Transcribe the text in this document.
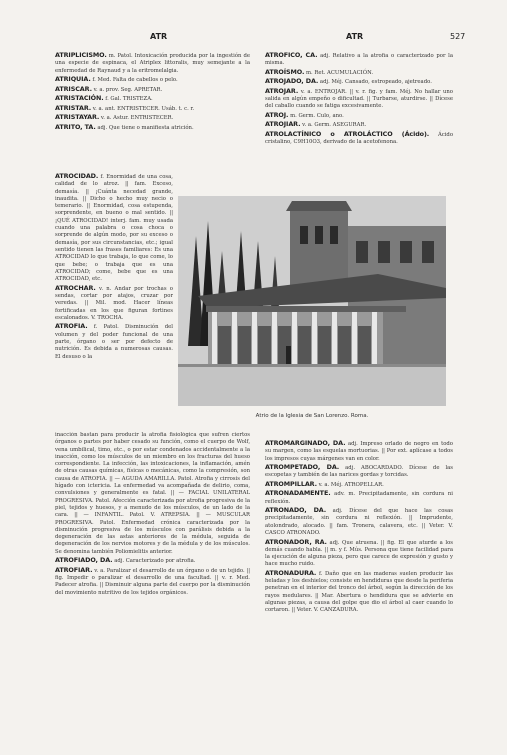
ATR	ATR	527
ATRIPLICISMO. m. Patol. Intoxicación producida por la ingestión de una especie de espinaca, el Atriplex littoralis, muy semejante a la enfermedad de Raynaud y a la eritromelalgia.
ATRIQUIA. f. Med. Falta de cabellos o pelo.
ATRISCAR. v. a. prov. Seg. APRETAR.
ATRISTACIÓN. f. Gal. TRISTEZA.
ATRISTAR. v. a. ant. ENTRISTECER. Usáb. t. c. r.
ATRISTAYAR. v. a. Astur. ENTRISTECER.
ATRITO, TA. adj. Que tiene o manifiesta atrición.
ATRÓFICO, CA. adj. Relativo a la atrofia o caracterizado por la misma.
ATROÍSMO. m. Ret. ACUMULACIÓN.
ATROJADO, DA. adj. Méj. Cansado, estropeado, ajetreado.
ATROJAR. v. a. ENTROJAR. || v. r. fig. y fam. Méj. No hallar uno salida en algún empeño o dificultad. || Turbarse, aturdirse. || Dícese del caballo cuando se fatiga excesivamente.
ATROJ. m. Germ. Culo, ano.
ATROJIAR. v. a. Germ. ASEGURAR.
ATROLACTÍNICO o ATROLÁCTICO (Ácido). Ácido cristalino, C9H10O3, derivado de la acetofenona.
ATROCIDAD. f. Enormidad de una cosa, calidad de lo atroz. || fam. Exceso, demasía. || ¡Cuánta necedad grande, inaudita. || Dicho o hecho muy necio o temerario. || Enormidad, cosa estupenda, sorprendente, en bueno o mal sentido. || ¡QUÉ ATROCIDAD! interj. fam. muy usada cuando una palabra o cosa choca o sorprende de algún modo, por su exceso o demasía, por sus circunstancias, etc.; igual sentido tienen las frases familiares: Es una ATROCIDAD lo que trabaja, lo que come, lo que bebe; o trabaja que es una ATROCIDAD; come, bebe que es una ATROCIDAD, etc.
ATROCHAR. v. n. Andar por trochas o sendas, cortar por atajos, cruzar por veredas. || Mil. mod. Hacer líneas fortificadas en los que figuran fortines escalonados. V. TROCHA.
ATROFIA. f. Patol. Disminución del volumen y del poder funcional de una parte, órgano o ser por defecto de nutrición. Es debida a numerosas causas. El desuso o la
Atrio de la Iglesia de San Lorenzo. Roma.
inacción bastan para producir la atrofia fisiológica que sufren ciertos órganos o partes por haber cesado su función, como el cuerpo de Wolf, vena umbilical, timo, etc., o por estar condenados accidentalmente a la inacción, como los músculos de un miembro en los fracturas del hueso correspondiente. La infección, las intoxicaciones, la inflamación, amén de otras causas químicas, físicas o mecánicas, como la compresión, son causa de ATROFIA. || — AGUDA AMARILLA. Patol. Atrofia y cirrosis del hígado con ictericia. La enfermedad va acompañada de delirio, coma, convulsiones y generalmente es fatal. || — FACIAL UNILATERAL PROGRESIVA. Patol. Afección caracterizada por atrofia progresiva de la piel, tejidos y huesos, y a menudo de los músculos, de un lado de la cara. || — INFANTIL. Patol. V. ATREPSIA. || — MUSCULAR PROGRESIVA. Patol. Enfermedad crónica caracterizada por la disminución progresiva de los músculos con parálisis debida a la degeneración de las astas anteriores de la médula, seguida de degeneración de los nervios motores y de la médula y de los músculos. Se denomina también Poliomielitis anterior.
ATROFIADO, DA. adj. Caracterizado por atrofia.
ATROFIAR. v. a. Paralizar el desarrollo de un órgano o de un tejido. || fig. Impedir o paralizar el desarrollo de una facultad. || v. r. Med. Padecer atrofia. || Disminuir alguna parte del cuerpo por la disminución del movimiento nutritivo de los tejidos orgánicos.
ATROMARGINADO, DA. adj. Impreso orlado de negro en todo su margen, como las esquelas mortuorias. || Por ext. aplícase a todos los impresos cuyas márgenes van en color.
ATROMPETADO, DA. adj. ABOCARDADO. Dícese de las escopetas y también de las narices gordas y torcidas.
ATROMPILLAR. v. a. Méj. ATROPELLAR.
ATRONADAMENTE. adv. m. Precipitadamente, sin cordura ni reflexión.
ATRONADO, DA. adj. Dícese del que hace las cosas precipitadamente, sin cordura ni reflexión. || Imprudente, atolondrado, alocado. || fam. Tronera, calavera, etc. || Veter. V. CASCO ATRONADO.
ATRONADOR, RA. adj. Que atruena. || fig. El que aturde a los demás cuando habla. || m. y f. Mús. Persona que tiene facilidad para la ejecución de alguna pieza, pero que carece de expresión y gusto y hace mucho ruido.
ATRONADURA. f. Daño que en las maderas suelen producir las heladas y los deshielos; consiste en hendiduras que desde la periferia penetran en el interior del tronco del árbol, según la dirección de los rayos medulares. || Mar. Abertura o hendidura que se advierte en algunas piezas, a causa del golpe que dio el árbol al caer cuando lo cortaron. || Veter. V. CANZADURA.
